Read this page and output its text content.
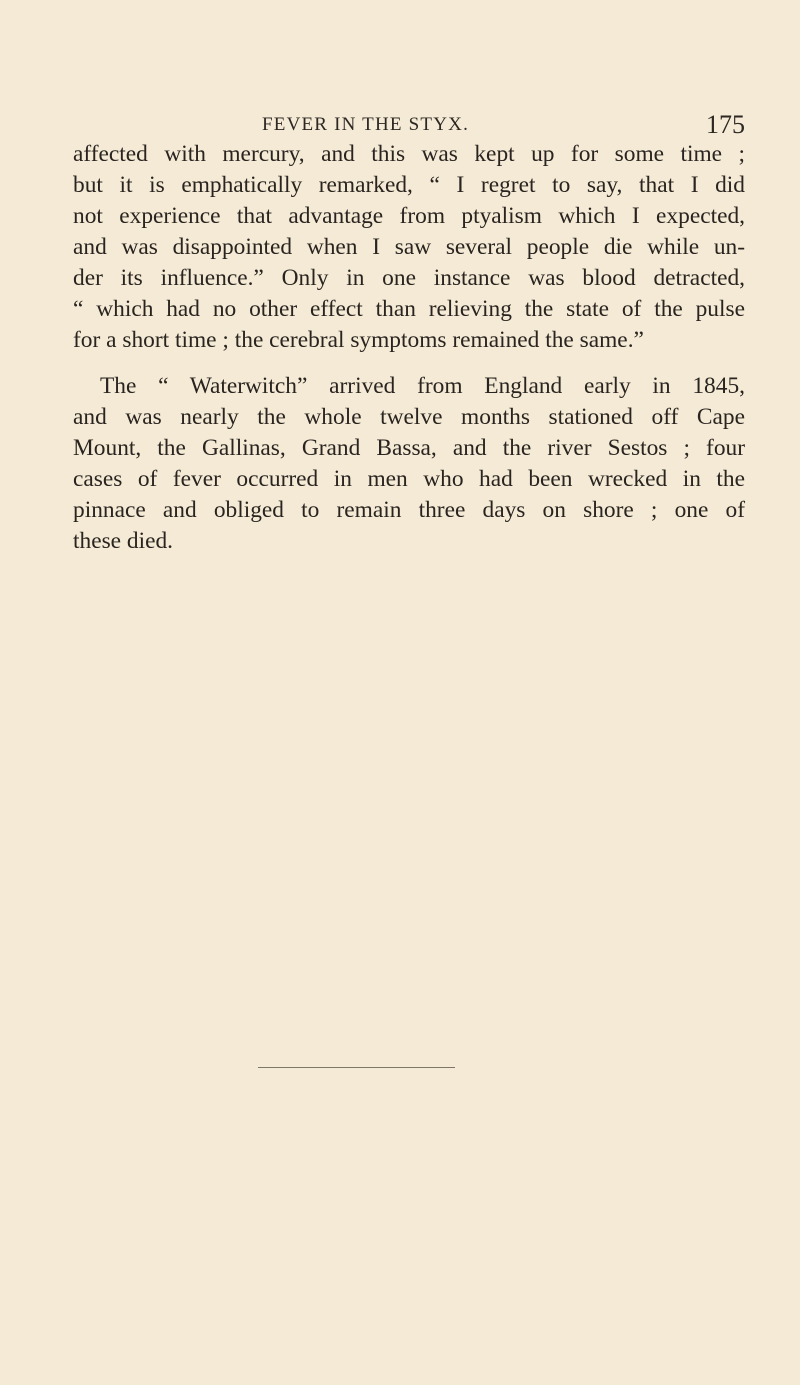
FEVER IN THE STYX.	175
affected with mercury, and this was kept up for some time ;
but it is emphatically remarked, “ I regret to say, that I did
not experience that advantage from ptyalism which I expected,
and was disappointed when I saw several people die while un-
der its influence.” Only in one instance was blood detracted,
“ which had no other effect than relieving the state of the pulse
for a short time ; the cerebral symptoms remained the same.”
The “ Waterwitch” arrived from England early in 1845,
and was nearly the whole twelve months stationed off Cape
Mount, the Gallinas, Grand Bassa, and the river Sestos ; four
cases of fever occurred in men who had been wrecked in the
pinnace and obliged to remain three days on shore ; one of
these died.
